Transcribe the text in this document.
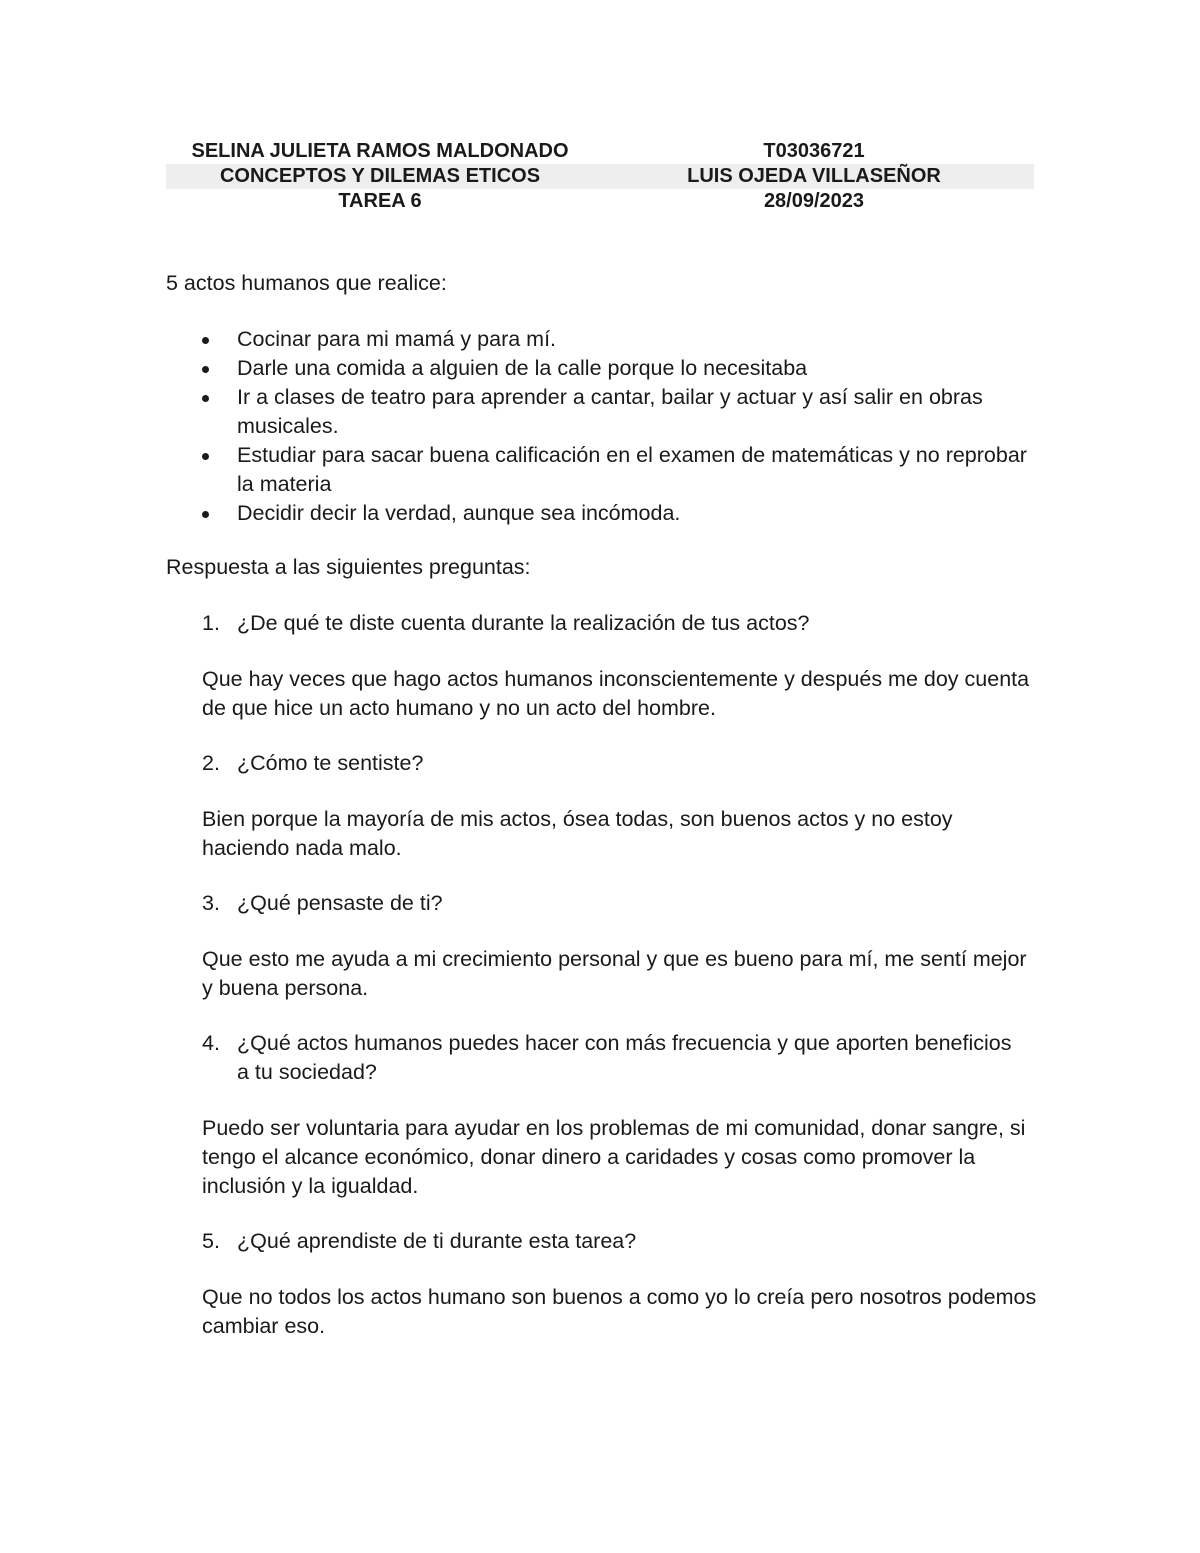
SELINA JULIETA RAMOS MALDONADO	T03036721
CONCEPTOS Y DILEMAS ETICOS	LUIS OJEDA VILLASEÑOR
TAREA 6	28/09/2023

5 actos humanos que realice:

Cocinar para mi mamá y para mí.
Darle una comida a alguien de la calle porque lo necesitaba
Ir a clases de teatro para aprender a cantar, bailar y actuar y así salir en obras musicales.
Estudiar para sacar buena calificación en el examen de matemáticas y no reprobar la materia
Decidir decir la verdad, aunque sea incómoda.

Respuesta a las siguientes preguntas:

1. ¿De qué te diste cuenta durante la realización de tus actos?
Que hay veces que hago actos humanos inconscientemente y después me doy cuenta de que hice un acto humano y no un acto del hombre.
2. ¿Cómo te sentiste?
Bien porque la mayoría de mis actos, ósea todas, son buenos actos y no estoy haciendo nada malo.
3. ¿Qué pensaste de ti?
Que esto me ayuda a mi crecimiento personal y que es bueno para mí, me sentí mejor y buena persona.
4. ¿Qué actos humanos puedes hacer con más frecuencia y que aporten beneficios a tu sociedad?
Puedo ser voluntaria para ayudar en los problemas de mi comunidad, donar sangre, si tengo el alcance económico, donar dinero a caridades y cosas como promover la inclusión y la igualdad.
5. ¿Qué aprendiste de ti durante esta tarea?
Que no todos los actos humano son buenos a como yo lo creía pero nosotros podemos cambiar eso.
